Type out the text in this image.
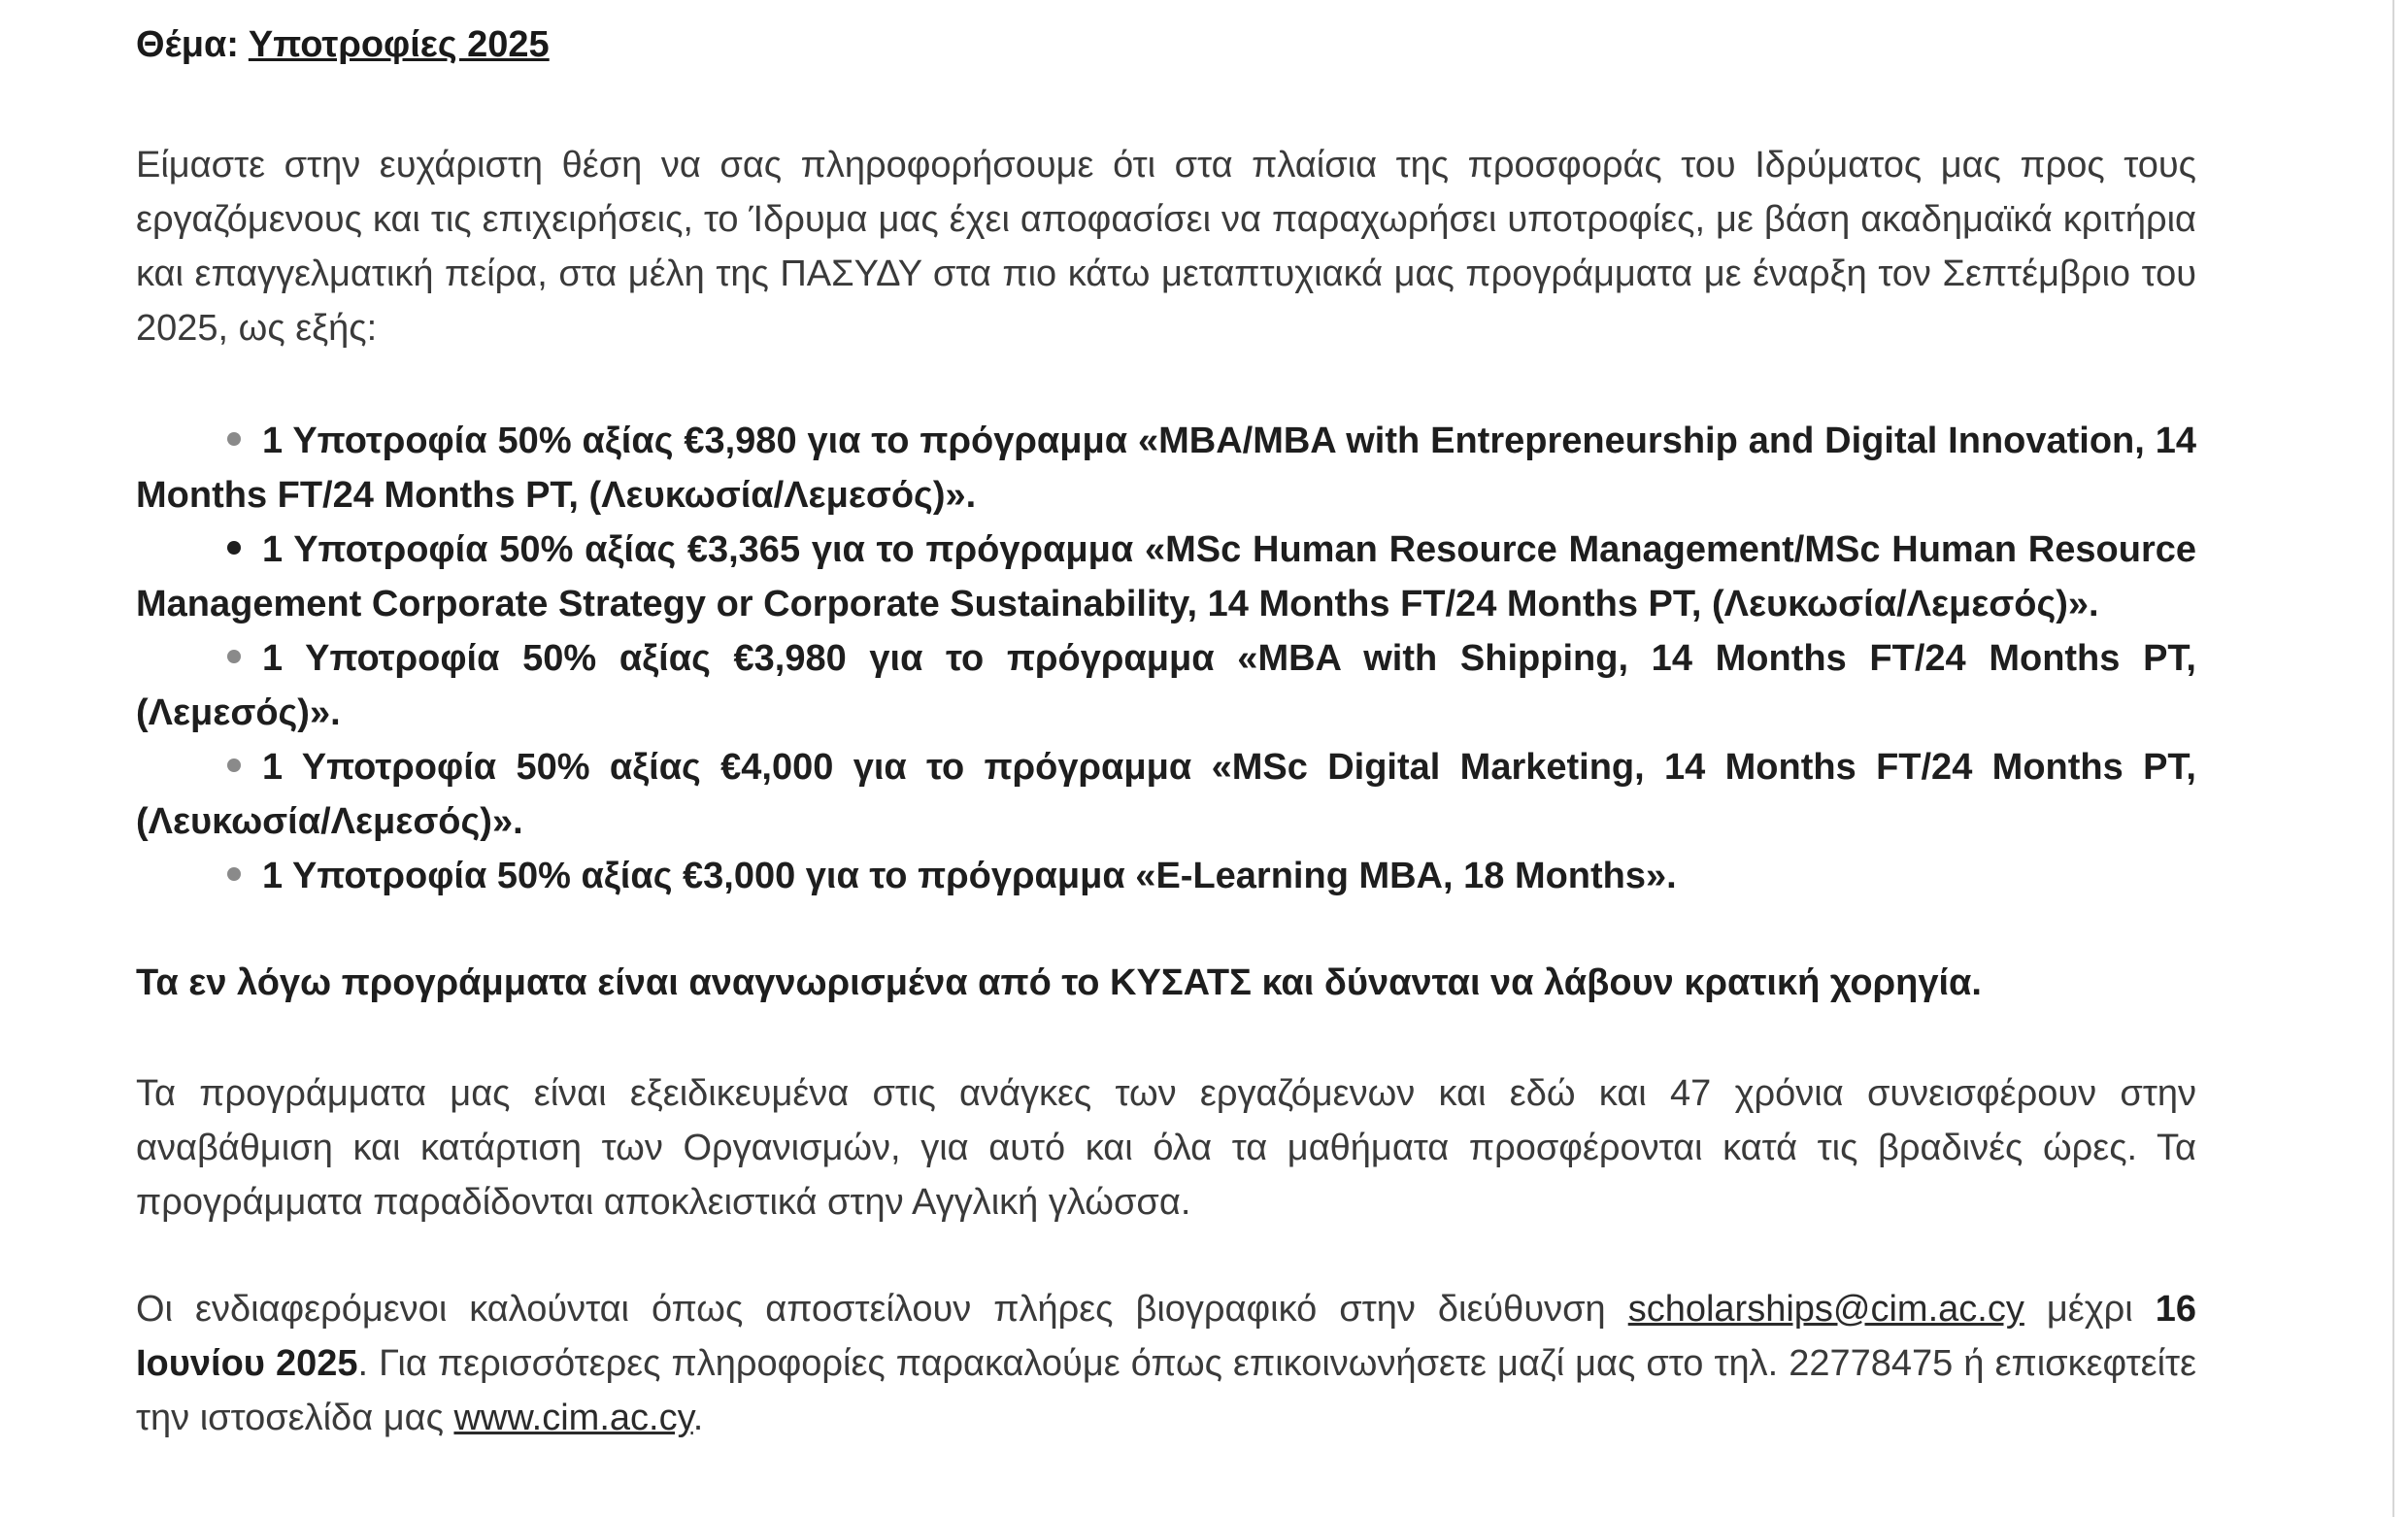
Θέμα: Υποτροφίες 2025

Είμαστε στην ευχάριστη θέση να σας πληροφορήσουμε ότι στα πλαίσια της προσφοράς του Ιδρύματος μας προς τους εργαζόμενους και τις επιχειρήσεις, το Ίδρυμα μας έχει αποφασίσει να παραχωρήσει υποτροφίες, με βάση ακαδημαϊκά κριτήρια και επαγγελματική πείρα, στα μέλη της ΠΑΣΥΔΥ στα πιο κάτω μεταπτυχιακά μας προγράμματα με έναρξη τον Σεπτέμβριο του 2025, ως εξής:

1 Υποτροφία 50% αξίας €3,980 για το πρόγραμμα «MBA/MBA with Entrepreneurship and Digital Innovation, 14 Months FT/24 Months PT, (Λευκωσία/Λεμεσός)».
1 Υποτροφία 50% αξίας €3,365 για το πρόγραμμα «MSc Human Resource Management/MSc Human Resource Management Corporate Strategy or Corporate Sustainability, 14 Months FT/24 Months PT, (Λευκωσία/Λεμεσός)».
1 Υποτροφία 50% αξίας €3,980 για το πρόγραμμα «MBA with Shipping, 14 Months FT/24 Months PT, (Λεμεσός)».
1 Υποτροφία 50% αξίας €4,000 για το πρόγραμμα «MSc Digital Marketing, 14 Months FT/24 Months PT, (Λευκωσία/Λεμεσός)».
1 Υποτροφία 50% αξίας €3,000 για το πρόγραμμα «E-Learning MBA, 18 Months».

Τα εν λόγω προγράμματα είναι αναγνωρισμένα από το ΚΥΣΑΤΣ και δύνανται να λάβουν κρατική χορηγία.

Τα προγράμματα μας είναι εξειδικευμένα στις ανάγκες των εργαζόμενων και εδώ και 47 χρόνια συνεισφέρουν στην αναβάθμιση και κατάρτιση των Οργανισμών, για αυτό και όλα τα μαθήματα προσφέρονται κατά τις βραδινές ώρες. Τα προγράμματα παραδίδονται αποκλειστικά στην Αγγλική γλώσσα.

Οι ενδιαφερόμενοι καλούνται όπως αποστείλουν πλήρες βιογραφικό στην διεύθυνση scholarships@cim.ac.cy μέχρι 16 Ιουνίου 2025. Για περισσότερες πληροφορίες παρακαλούμε όπως επικοινωνήσετε μαζί μας στο τηλ. 22778475 ή επισκεφτείτε την ιστοσελίδα μας www.cim.ac.cy.
